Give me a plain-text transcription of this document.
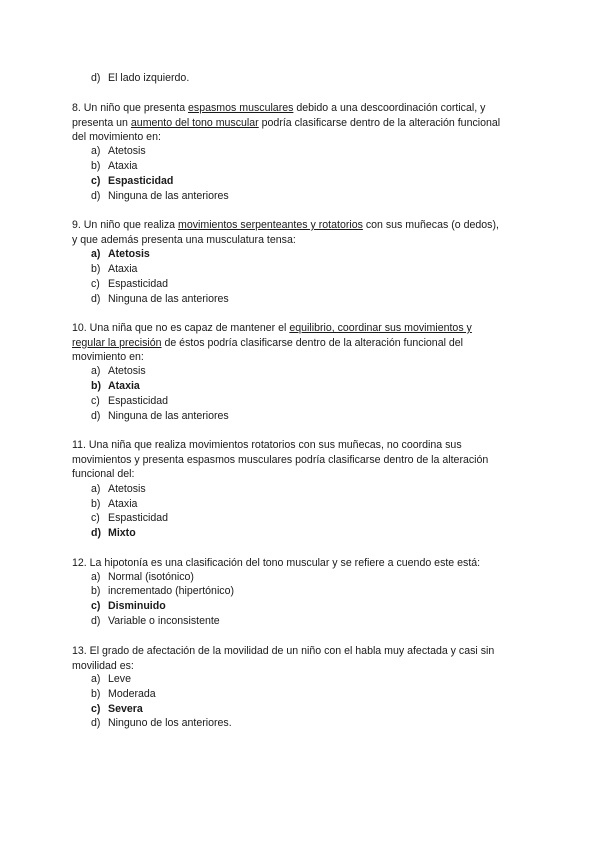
d) El lado izquierdo.
8. Un niño que presenta espasmos musculares debido a una descoordinación cortical, y
presenta un aumento del tono muscular podría clasificarse dentro de la alteración funcional
del movimiento en:
a) Atetosis
b) Ataxia
c) Espasticidad
d) Ninguna de las anteriores
9. Un niño que realiza movimientos serpenteantes y rotatorios con sus muñecas (o dedos),
y que además presenta una musculatura tensa:
a) Atetosis
b) Ataxia
c) Espasticidad
d) Ninguna de las anteriores
10. Una niña que no es capaz de mantener el equilibrio, coordinar sus movimientos y
regular la precisión de éstos podría clasificarse dentro de la alteración funcional del
movimiento en:
a) Atetosis
b) Ataxia
c) Espasticidad
d) Ninguna de las anteriores
11. Una niña que realiza movimientos rotatorios con sus muñecas, no coordina sus
movimientos y presenta espasmos musculares podría clasificarse dentro de la alteración
funcional del:
a) Atetosis
b) Ataxia
c) Espasticidad
d) Mixto
12. La hipotonía es una clasificación del tono muscular y se refiere a cuendo este está:
a) Normal (isotónico)
b) incrementado (hipertónico)
c) Disminuido
d) Variable o inconsistente
13. El grado de afectación de la movilidad de un niño con el habla muy afectada y casi sin
movilidad es:
a) Leve
b) Moderada
c) Severa
d) Ninguno de los anteriores.
